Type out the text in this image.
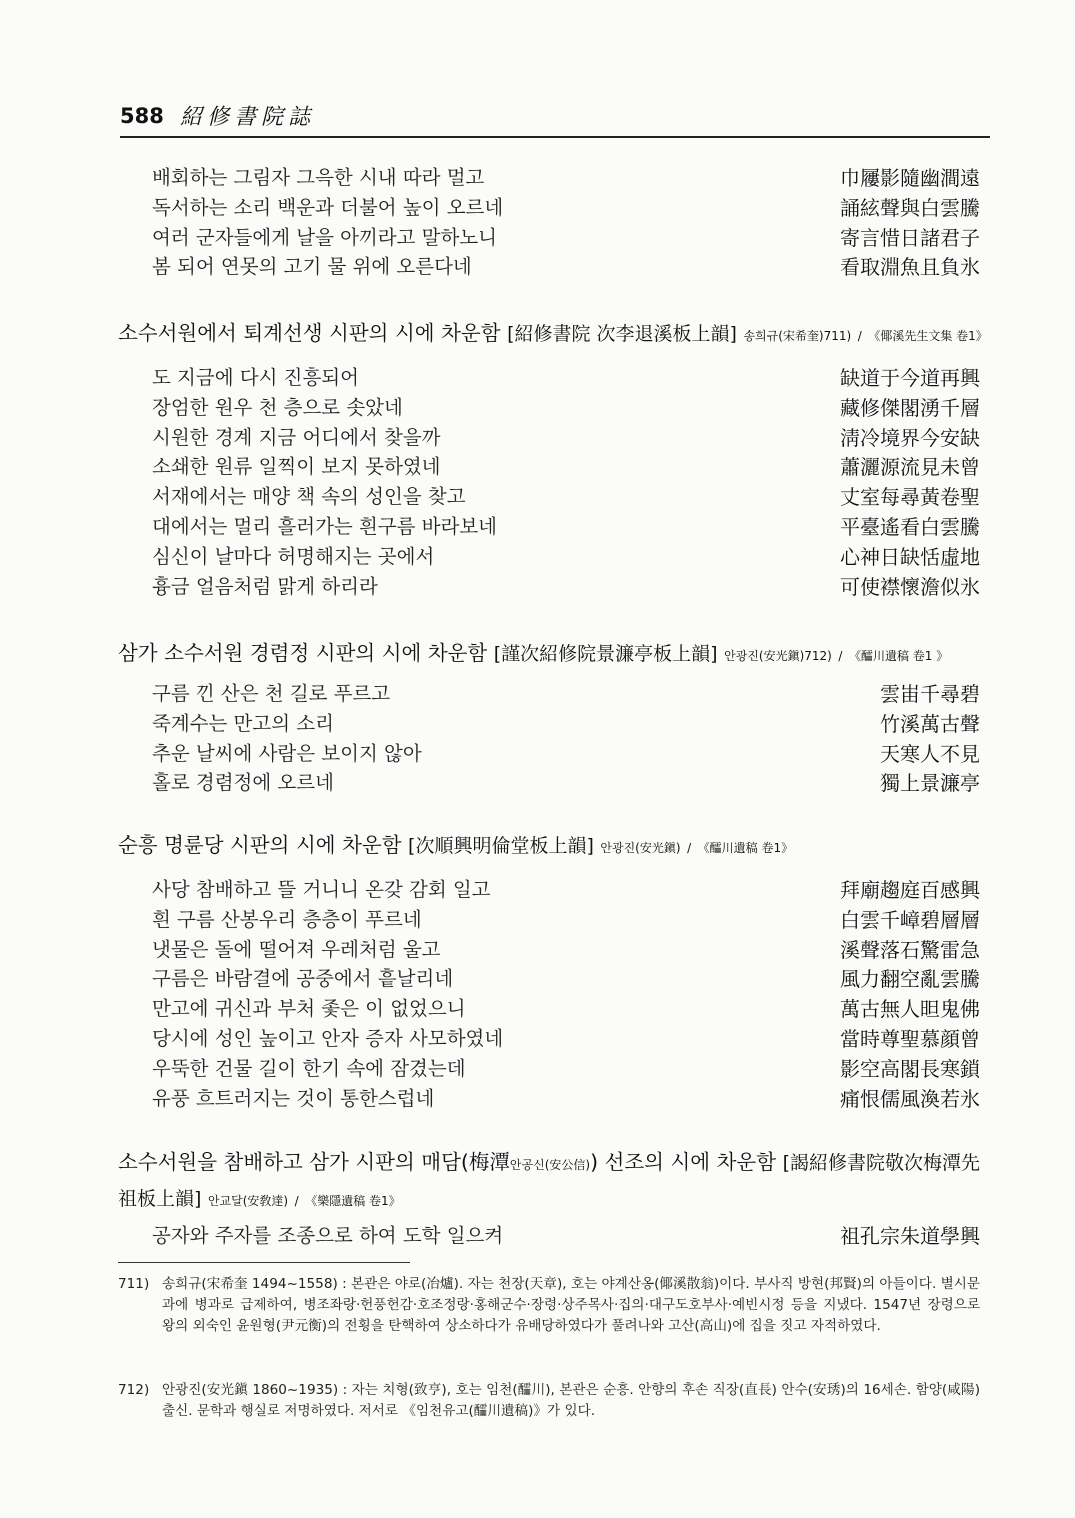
588 紹修書院誌
배회하는 그림자 그윽한 시내 따라 멀고	巾屨影隨幽澗遠
독서하는 소리 백운과 더불어 높이 오르네	誦絃聲與白雲騰
여러 군자들에게 날을 아끼라고 말하노니	寄言惜日諸君子
봄 되어 연못의 고기 물 위에 오른다네	看取淵魚且負氷
소수서원에서 퇴계선생 시판의 시에 차운함 [紹修書院 次李退溪板上韻] 송희규(宋希奎)711) / 《倻溪先生文集 卷1》
도 지금에 다시 진흥되어	缺道于今道再興
장엄한 원우 천 층으로 솟았네	藏修傑閣湧千層
시원한 경계 지금 어디에서 찾을까	淸冷境界今安缺
소쇄한 원류 일찍이 보지 못하였네	蕭灑源流見未曾
서재에서는 매양 책 속의 성인을 찾고	丈室每尋黃卷聖
대에서는 멀리 흘러가는 흰구름 바라보네	平臺遙看白雲騰
심신이 날마다 허명해지는 곳에서	心神日缺恬虛地
흉금 얼음처럼 맑게 하리라	可使襟懷澹似氷
삼가 소수서원 경렴정 시판의 시에 차운함 [謹次紹修院景濂亭板上韻] 안광진(安光鎭)712) / 《醽川遺稿 卷1 》
구름 낀 산은 천 길로 푸르고	雲峀千尋碧
죽계수는 만고의 소리	竹溪萬古聲
추운 날씨에 사람은 보이지 않아	天寒人不見
홀로 경렴정에 오르네	獨上景濂亭
순흥 명륜당 시판의 시에 차운함 [次順興明倫堂板上韻] 안광진(安光鎭) / 《醽川遺稿 卷1》
사당 참배하고 뜰 거니니 온갖 감회 일고	拜廟趨庭百感興
흰 구름 산봉우리 층층이 푸르네	白雲千嶂碧層層
냇물은 돌에 떨어져 우레처럼 울고	溪聲落石驚雷急
구름은 바람결에 공중에서 흩날리네	風力翻空亂雲騰
만고에 귀신과 부처 좇은 이 없었으니	萬古無人㫜鬼佛
당시에 성인 높이고 안자 증자 사모하였네	當時尊聖慕顔曾
우뚝한 건물 길이 한기 속에 잠겼는데	影空高閣長寒鎖
유풍 흐트러지는 것이 통한스럽네	痛恨儒風渙若氷
소수서원을 참배하고 삼가 시판의 매담(梅潭안공신(安公信)) 선조의 시에 차운함 [謁紹修書院敬次梅潭先祖板上韻] 안교달(安敎達) / 《樂隱遺稿 卷1》
공자와 주자를 조종으로 하여 도학 일으켜	祖孔宗朱道學興
711) 송희규(宋希奎 1494~1558) : 본관은 야로(冶爐). 자는 천장(天章), 호는 야계산옹(倻溪散翁)이다. 부사직 방현(邦賢)의 아들이다. 별시문과에 병과로 급제하여, 병조좌랑·헌풍헌감·호조정랑·홍해군수·장령·상주목사·집의·대구도호부사·예빈시정 등을 지냈다. 1547년 장령으로 왕의 외숙인 윤원형(尹元衡)의 전횡을 탄핵하여 상소하다가 유배당하였다가 풀려나와 고산(高山)에 집을 짓고 자적하였다.
712) 안광진(安光鎭 1860~1935) : 자는 치형(致亨), 호는 임천(醽川), 본관은 순흥. 안향의 후손 직장(直長) 안수(安琇)의 16세손. 함양(咸陽) 출신. 문학과 행실로 저명하였다. 저서로 《임천유고(醽川遺稿)》가 있다.
